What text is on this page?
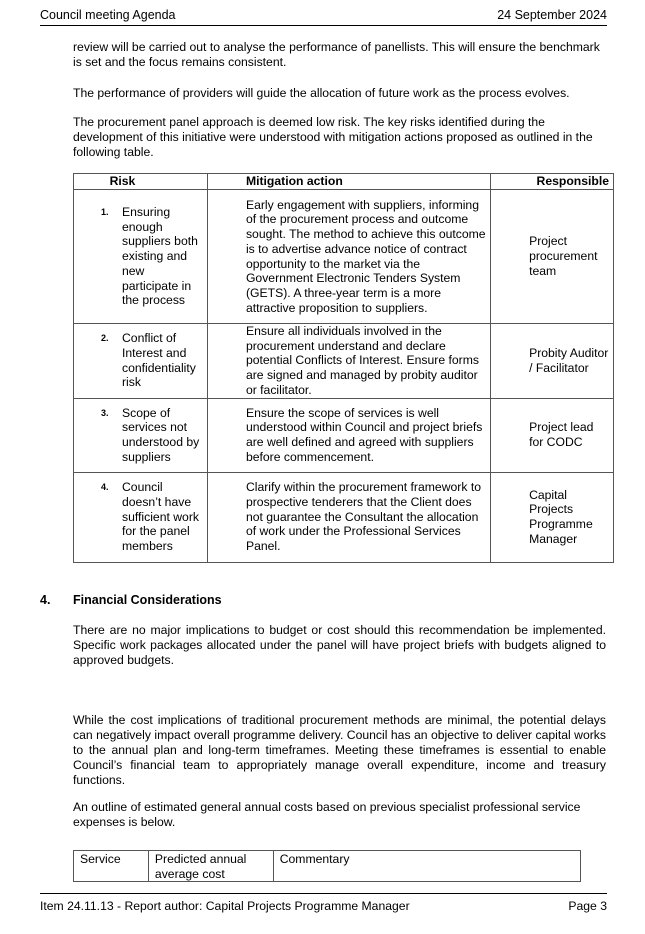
Council meeting Agenda	24 September 2024

review will be carried out to analyse the performance of panellists. This will ensure the benchmark is set and the focus remains consistent.

The performance of providers will guide the allocation of future work as the process evolves.

The procurement panel approach is deemed low risk. The key risks identified during the development of this initiative were understood with mitigation actions proposed as outlined in the following table.

Risk	Mitigation action	Responsible

1. Ensuring enough suppliers both existing and new participate in the process	Early engagement with suppliers, informing of the procurement process and outcome sought. The method to achieve this outcome is to advertise advance notice of contract opportunity to the market via the Government Electronic Tenders System (GETS). A three-year term is a more attractive proposition to suppliers.	Project procurement team

2. Conflict of Interest and confidentiality risk	Ensure all individuals involved in the procurement understand and declare potential Conflicts of Interest. Ensure forms are signed and managed by probity auditor or facilitator.	Probity Auditor / Facilitator

3. Scope of services not understood by suppliers	Ensure the scope of services is well understood within Council and project briefs are well defined and agreed with suppliers before commencement.	Project lead for CODC

4. Council doesn’t have sufficient work for the panel members	Clarify within the procurement framework to prospective tenderers that the Client does not guarantee the Consultant the allocation of work under the Professional Services Panel.	Capital Projects Programme Manager
4. Financial Considerations

There are no major implications to budget or cost should this recommendation be implemented. Specific work packages allocated under the panel will have project briefs with budgets aligned to approved budgets.

While the cost implications of traditional procurement methods are minimal, the potential delays can negatively impact overall programme delivery. Council has an objective to deliver capital works to the annual plan and long-term timeframes. Meeting these timeframes is essential to enable Council’s financial team to appropriately manage overall expenditure, income and treasury functions.

An outline of estimated general annual costs based on previous specialist professional service expenses is below.

Service	Predicted annual average cost	Commentary
Item 24.11.13 - Report author: Capital Projects Programme Manager	Page 3
